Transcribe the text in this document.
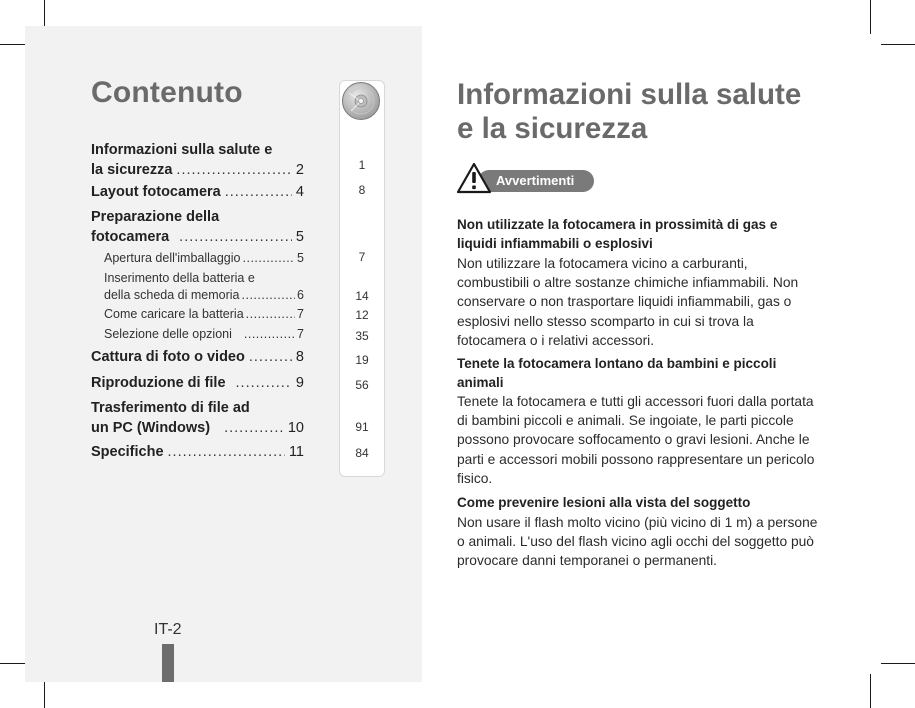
Contenuto
Informazioni sulla salute e
la sicurezza .....	2	1
Layout fotocamera .....	4	8
Preparazione della
fotocamera .....	5
Apertura dell'imballaggio .....	5	7
Inserimento della batteria e
della scheda di memoria .....	6	14
Come caricare la batteria .....	7	12
Selezione delle opzioni .....	7	35
Cattura di foto o video .....	8	19
Riproduzione di file .....	9	56
Trasferimento di file ad
un PC (Windows) .....	10	91
Specifiche .....	11	84
IT-2
Informazioni sulla salute
e la sicurezza
Avvertimenti
Non utilizzate la fotocamera in prossimità di gas e liquidi infiammabili o esplosivi
Non utilizzare la fotocamera vicino a carburanti, combustibili o altre sostanze chimiche infiammabili. Non conservare o non trasportare liquidi infiammabili, gas o esplosivi nello stesso scomparto in cui si trova la fotocamera o i relativi accessori.
Tenete la fotocamera lontano da bambini e piccoli animali
Tenete la fotocamera e tutti gli accessori fuori dalla portata di bambini piccoli e animali. Se ingoiate, le parti piccole possono provocare soffocamento o gravi lesioni. Anche le parti e accessori mobili possono rappresentare un pericolo fisico.
Come prevenire lesioni alla vista del soggetto
Non usare il flash molto vicino (più vicino di 1 m) a persone o animali. L'uso del flash vicino agli occhi del soggetto può provocare danni temporanei o permanenti.
